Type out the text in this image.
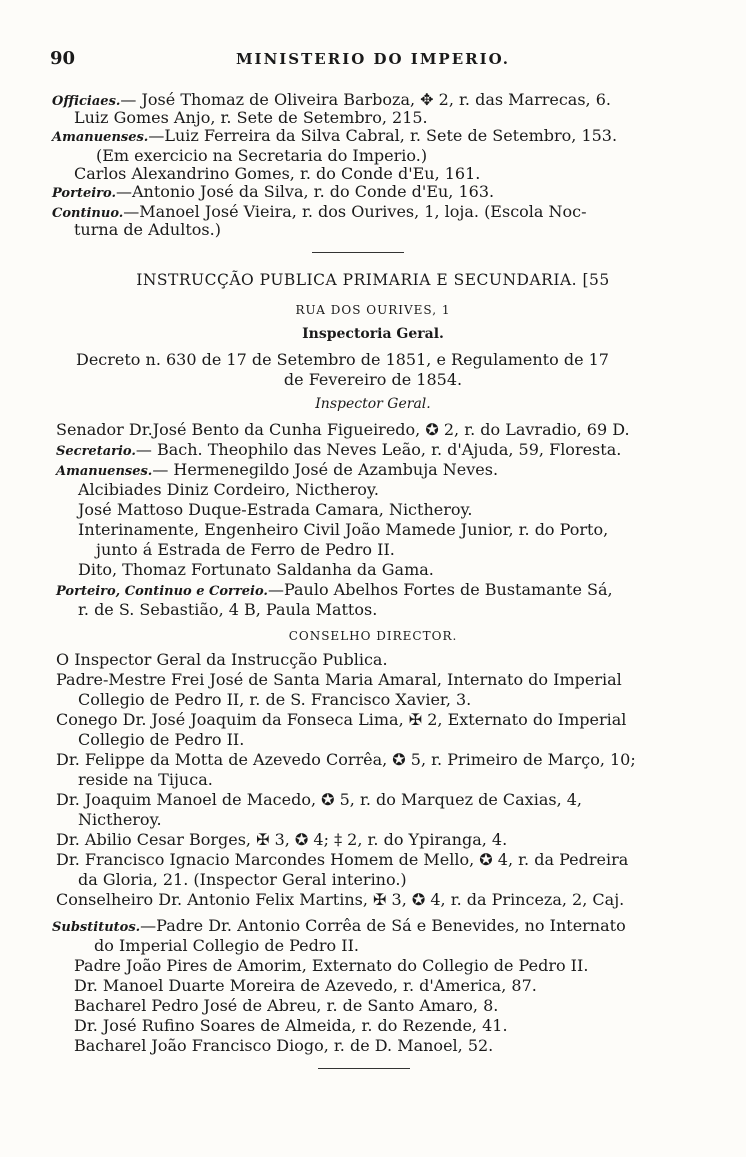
90	MINISTERIO DO IMPERIO.
Officiaes.— José Thomaz de Oliveira Barboza, ✥ 2, r. das Marrecas, 6.
Luiz Gomes Anjo, r. Sete de Setembro, 215.
Amanuenses.—Luiz Ferreira da Silva Cabral, r. Sete de Setembro, 153.
(Em exercicio na Secretaria do Imperio.)
Carlos Alexandrino Gomes, r. do Conde d'Eu, 161.
Porteiro.—Antonio José da Silva, r. do Conde d'Eu, 163.
Continuo.—Manoel José Vieira, r. dos Ourives, 1, loja. (Escola Noc-
turna de Adultos.)
INSTRUCÇÃO PUBLICA PRIMARIA E SECUNDARIA. [55
RUA DOS OURIVES, 1
Inspectoria Geral.
Decreto n. 630 de 17 de Setembro de 1851, e Regulamento de 17
de Fevereiro de 1854.
Inspector Geral.
Senador Dr.José Bento da Cunha Figueiredo, ✪ 2, r. do Lavradio, 69 D.
Secretario.— Bach. Theophilo das Neves Leão, r. d'Ajuda, 59, Floresta.
Amanuenses.— Hermenegildo José de Azambuja Neves.
Alcibiades Diniz Cordeiro, Nictheroy.
José Mattoso Duque-Estrada Camara, Nictheroy.
Interinamente, Engenheiro Civil João Mamede Junior, r. do Porto,
junto á Estrada de Ferro de Pedro II.
Dito, Thomaz Fortunato Saldanha da Gama.
Porteiro, Continuo e Correio.—Paulo Abelhos Fortes de Bustamante Sá,
r. de S. Sebastião, 4 B, Paula Mattos.
CONSELHO DIRECTOR.
O Inspector Geral da Instrucção Publica.
Padre-Mestre Frei José de Santa Maria Amaral, Internato do Imperial
Collegio de Pedro II, r. de S. Francisco Xavier, 3.
Conego Dr. José Joaquim da Fonseca Lima, ✠ 2, Externato do Imperial
Collegio de Pedro II.
Dr. Felippe da Motta de Azevedo Corrêa, ✪ 5, r. Primeiro de Março, 10;
reside na Tijuca.
Dr. Joaquim Manoel de Macedo, ✪ 5, r. do Marquez de Caxias, 4,
Nictheroy.
Dr. Abilio Cesar Borges, ✠ 3, ✪ 4; ‡ 2, r. do Ypiranga, 4.
Dr. Francisco Ignacio Marcondes Homem de Mello, ✪ 4, r. da Pedreira
da Gloria, 21. (Inspector Geral interino.)
Conselheiro Dr. Antonio Felix Martins, ✠ 3, ✪ 4, r. da Princeza, 2, Caj.
Substitutos.—Padre Dr. Antonio Corrêa de Sá e Benevides, no Internato
do Imperial Collegio de Pedro II.
Padre João Pires de Amorim, Externato do Collegio de Pedro II.
Dr. Manoel Duarte Moreira de Azevedo, r. d'America, 87.
Bacharel Pedro José de Abreu, r. de Santo Amaro, 8.
Dr. José Rufino Soares de Almeida, r. do Rezende, 41.
Bacharel João Francisco Diogo, r. de D. Manoel, 52.
